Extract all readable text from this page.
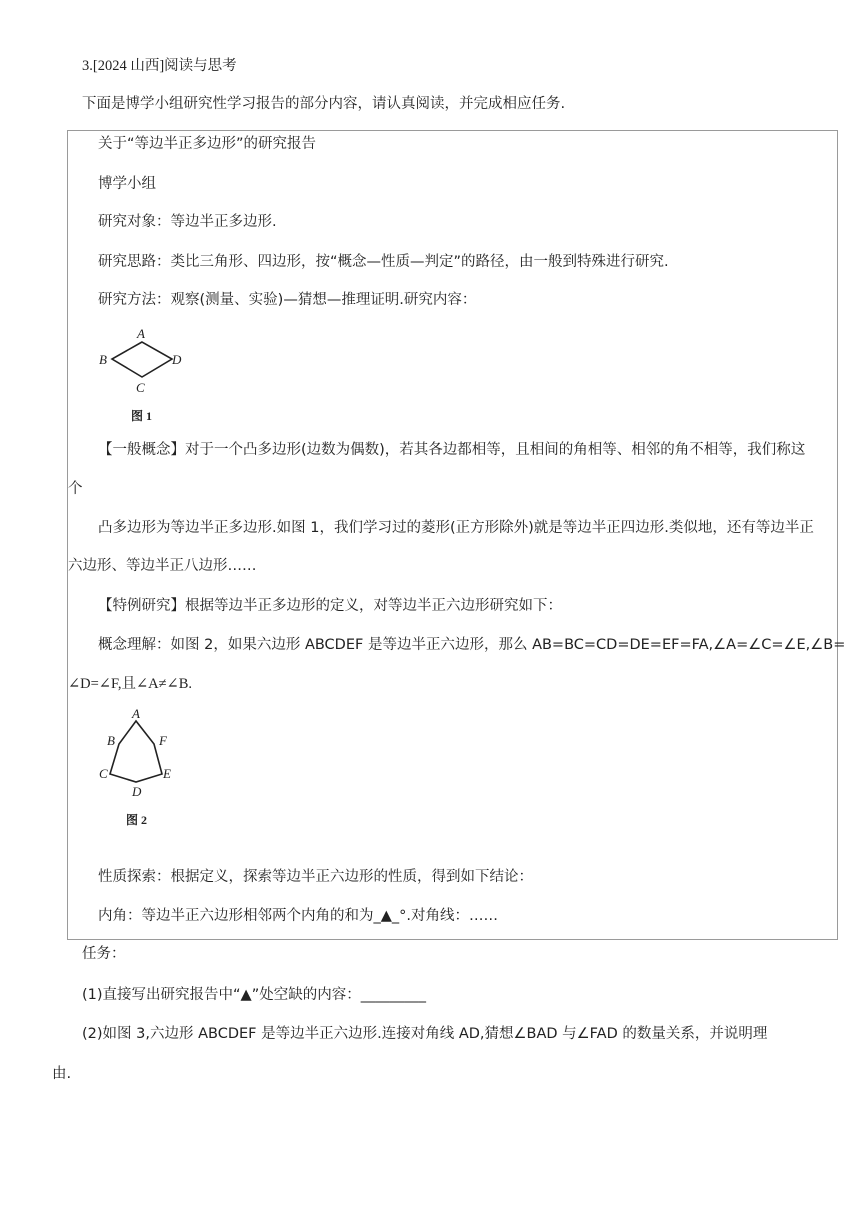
3.[2024 山西]阅读与思考
下面是博学小组研究性学习报告的部分内容，请认真阅读，并完成相应任务.
关于“等边半正多边形”的研究报告
博学小组
研究对象：等边半正多边形.
研究思路：类比三角形、四边形，按“概念—性质—判定”的路径，由一般到特殊进行研究.
研究方法：观察(测量、实验)—猜想—推理证明.研究内容：
A
B
C
D
图 1
【一般概念】对于一个凸多边形(边数为偶数)，若其各边都相等，且相间的角相等、相邻的角不相等，我们称这
个
凸多边形为等边半正多边形.如图 1，我们学习过的菱形(正方形除外)就是等边半正四边形.类似地，还有等边半正
六边形、等边半正八边形……
【特例研究】根据等边半正多边形的定义，对等边半正六边形研究如下：
概念理解：如图 2，如果六边形 ABCDEF 是等边半正六边形，那么 AB=BC=CD=DE=EF=FA,∠A=∠C=∠E,∠B=
∠D=∠F,且∠A≠∠B.
A
B
C
D
E
F
图 2
性质探索：根据定义，探索等边半正六边形的性质，得到如下结论：
内角：等边半正六边形相邻两个内角的和为_▲_°.对角线：……
任务：
(1)直接写出研究报告中“▲”处空缺的内容：_________
(2)如图 3,六边形 ABCDEF 是等边半正六边形.连接对角线 AD,猜想∠BAD 与∠FAD 的数量关系，并说明理
由.
